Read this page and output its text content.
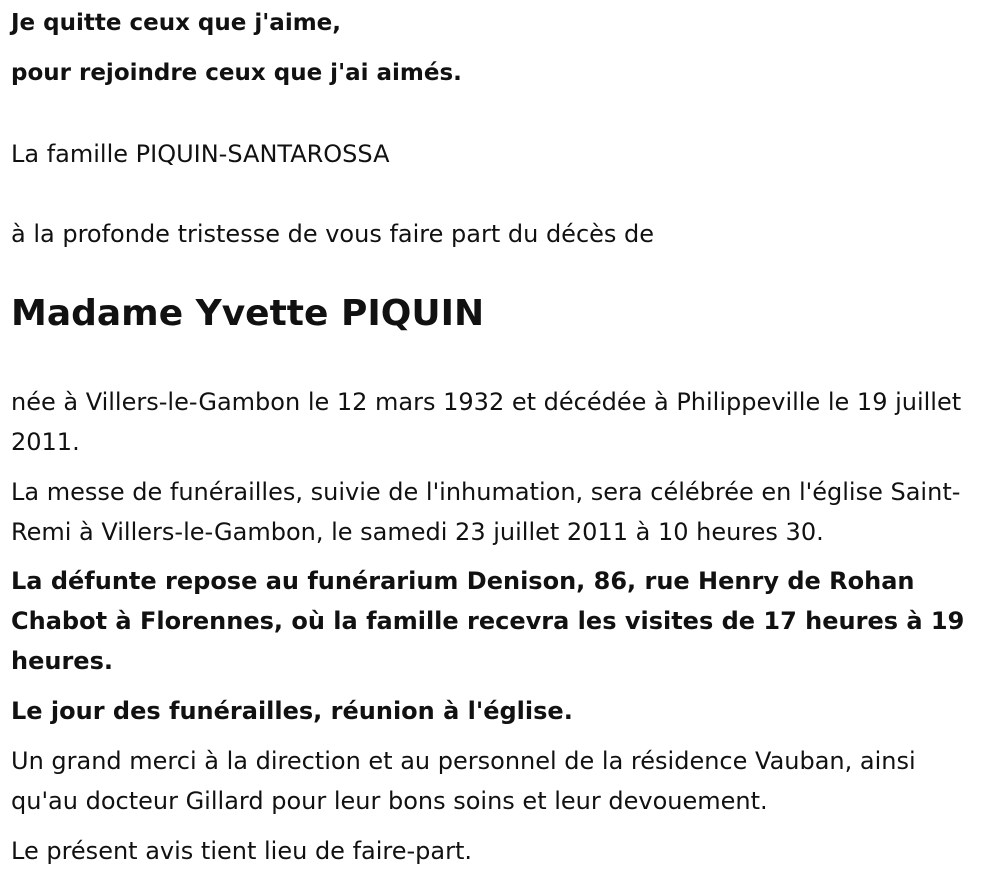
Je quitte ceux que j'aime,

pour rejoindre ceux que j'ai aimés.

La famille PIQUIN-SANTAROSSA

à la profonde tristesse de vous faire part du décès de

Madame Yvette PIQUIN

née à Villers-le-Gambon le 12 mars 1932 et décédée à Philippeville le 19 juillet 2011.

La messe de funérailles, suivie de l'inhumation, sera célébrée en l'église Saint-Remi à Villers-le-Gambon, le samedi 23 juillet 2011 à 10 heures 30.

La défunte repose au funérarium Denison, 86, rue Henry de Rohan Chabot à Florennes, où la famille recevra les visites de 17 heures à 19 heures.

Le jour des funérailles, réunion à l'église.

Un grand merci à la direction et au personnel de la résidence Vauban, ainsi qu'au docteur Gillard pour leur bons soins et leur devouement.

Le présent avis tient lieu de faire-part.
